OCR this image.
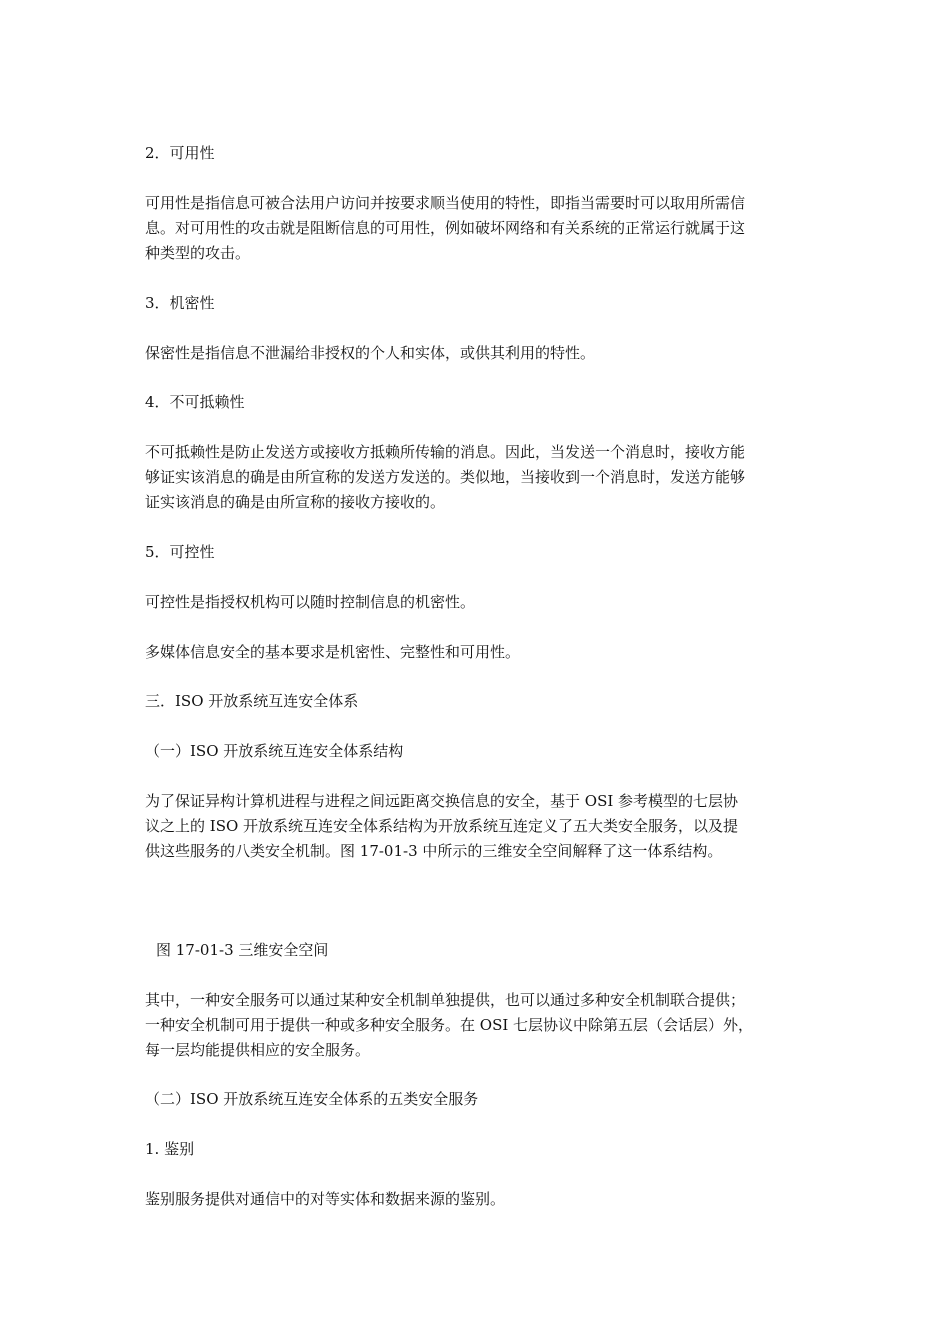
2．可用性
可用性是指信息可被合法用户访问并按要求顺当使用的特性，即指当需要时可以取用所需信
息。对可用性的攻击就是阻断信息的可用性，例如破坏网络和有关系统的正常运行就属于这
种类型的攻击。
3．机密性
保密性是指信息不泄漏给非授权的个人和实体，或供其利用的特性。
4．不可抵赖性
不可抵赖性是防止发送方或接收方抵赖所传输的消息。因此，当发送一个消息时，接收方能
够证实该消息的确是由所宣称的发送方发送的。类似地，当接收到一个消息时，发送方能够
证实该消息的确是由所宣称的接收方接收的。
5．可控性
可控性是指授权机构可以随时控制信息的机密性。
多媒体信息安全的基本要求是机密性、完整性和可用性。
三．ISO 开放系统互连安全体系
（一）ISO 开放系统互连安全体系结构
为了保证异构计算机进程与进程之间远距离交换信息的安全，基于 OSI 参考模型的七层协
议之上的 ISO 开放系统互连安全体系结构为开放系统互连定义了五大类安全服务，以及提
供这些服务的八类安全机制。图 17-01-3 中所示的三维安全空间解释了这一体系结构。
图 17-01-3 三维安全空间
其中，一种安全服务可以通过某种安全机制单独提供，也可以通过多种安全机制联合提供；
一种安全机制可用于提供一种或多种安全服务。在 OSI 七层协议中除第五层（会话层）外，
每一层均能提供相应的安全服务。
（二）ISO 开放系统互连安全体系的五类安全服务
1. 鉴别
鉴别服务提供对通信中的对等实体和数据来源的鉴别。
